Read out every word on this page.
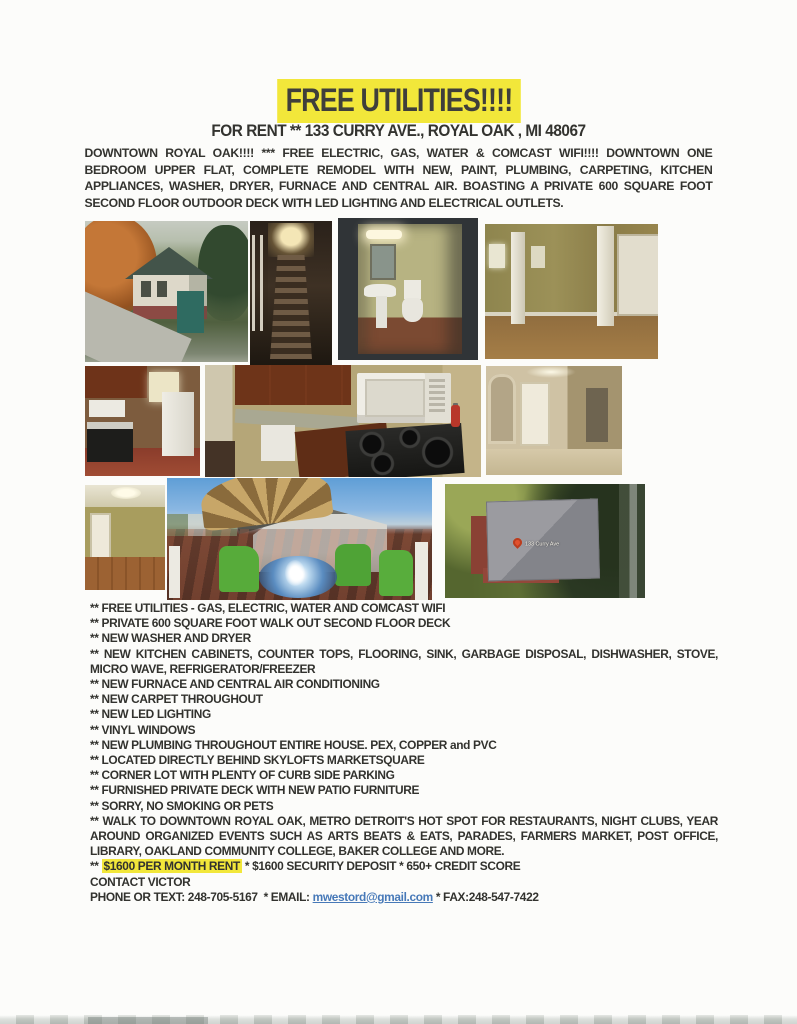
FREE UTILITIES!!!!
FOR RENT ** 133 CURRY AVE., ROYAL OAK , MI 48067

DOWNTOWN ROYAL OAK!!!! *** FREE ELECTRIC, GAS, WATER & COMCAST WIFI!!!! DOWNTOWN ONE BEDROOM UPPER FLAT, COMPLETE REMODEL WITH NEW, PAINT, PLUMBING, CARPETING, KITCHEN APPLIANCES, WASHER, DRYER, FURNACE AND CENTRAL AIR. BOASTING A PRIVATE 600 SQUARE FOOT SECOND FLOOR OUTDOOR DECK WITH LED LIGHTING AND ELECTRICAL OUTLETS.

133 Curry Ave

** FREE UTILITIES - GAS, ELECTRIC, WATER AND COMCAST WIFI

** PRIVATE 600 SQUARE FOOT WALK OUT SECOND FLOOR DECK

** NEW WASHER AND DRYER

** NEW KITCHEN CABINETS, COUNTER TOPS, FLOORING, SINK, GARBAGE DISPOSAL, DISHWASHER, STOVE, MICRO WAVE, REFRIGERATOR/FREEZER

** NEW FURNACE AND CENTRAL AIR CONDITIONING

** NEW CARPET THROUGHOUT

** NEW LED LIGHTING

** VINYL WINDOWS

** NEW PLUMBING THROUGHOUT ENTIRE HOUSE. PEX, COPPER and PVC

** LOCATED DIRECTLY BEHIND SKYLOFTS MARKETSQUARE

** CORNER LOT WITH PLENTY OF CURB SIDE PARKING

** FURNISHED PRIVATE DECK WITH NEW PATIO FURNITURE

** SORRY, NO SMOKING OR PETS

** WALK TO DOWNTOWN ROYAL OAK, METRO DETROIT'S HOT SPOT FOR RESTAURANTS, NIGHT CLUBS, YEAR AROUND ORGANIZED EVENTS SUCH AS ARTS BEATS & EATS, PARADES, FARMERS MARKET, POST OFFICE, LIBRARY, OAKLAND COMMUNITY COLLEGE, BAKER COLLEGE AND MORE.

** $1600 PER MONTH RENT * $1600 SECURITY DEPOSIT * 650+ CREDIT SCORE

CONTACT VICTOR

PHONE OR TEXT: 248-705-5167  * EMAIL: mwestord@gmail.com * FAX:248-547-7422
